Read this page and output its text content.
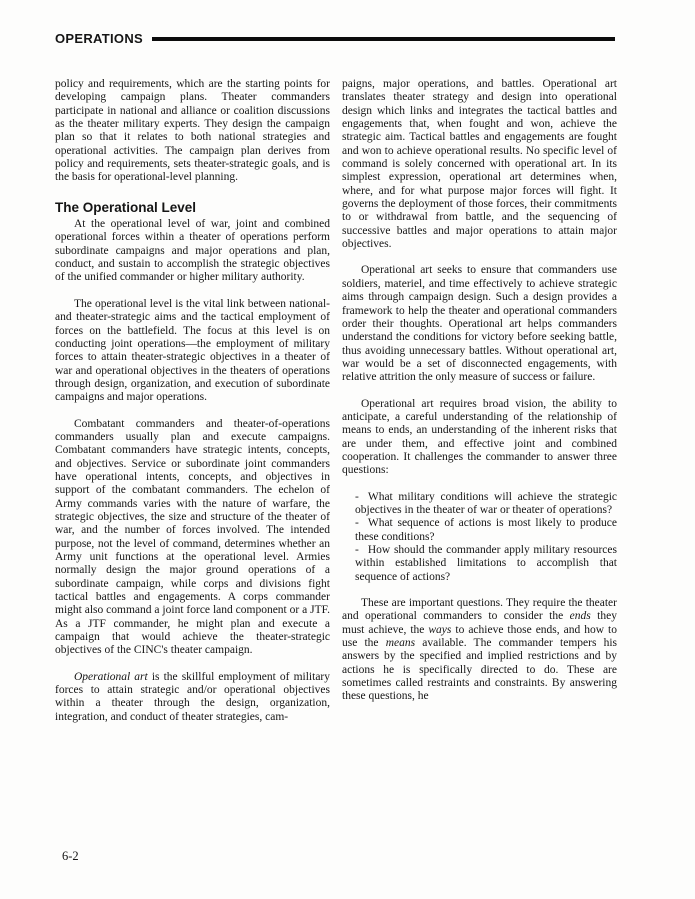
OPERATIONS

policy and requirements, which are the starting points for developing campaign plans. Theater commanders participate in national and alliance or coalition discussions as the theater military experts. They design the campaign plan so that it relates to both national strategies and operational activities. The campaign plan derives from policy and requirements, sets theater-strategic goals, and is the basis for operational-level planning.

The Operational Level

At the operational level of war, joint and combined operational forces within a theater of operations perform subordinate campaigns and major operations and plan, conduct, and sustain to accomplish the strategic objectives of the unified commander or higher military authority.

The operational level is the vital link between national- and theater-strategic aims and the tactical employment of forces on the battlefield. The focus at this level is on conducting joint operations—the employment of military forces to attain theater-strategic objectives in a theater of war and operational objectives in the theaters of operations through design, organization, and execution of subordinate campaigns and major operations.

Combatant commanders and theater-of-operations commanders usually plan and execute campaigns. Combatant commanders have strategic intents, concepts, and objectives. Service or subordinate joint commanders have operational intents, concepts, and objectives in support of the combatant commanders. The echelon of Army commands varies with the nature of warfare, the strategic objectives, the size and structure of the theater of war, and the number of forces involved. The intended purpose, not the level of command, determines whether an Army unit functions at the operational level. Armies normally design the major ground operations of a subordinate campaign, while corps and divisions fight tactical battles and engagements. A corps commander might also command a joint force land component or a JTF. As a JTF commander, he might plan and execute a campaign that would achieve the theater-strategic objectives of the CINC's theater campaign.

Operational art is the skillful employment of military forces to attain strategic and/or operational objectives within a theater through the design, organization, integration, and conduct of theater strategies, cam-

paigns, major operations, and battles. Operational art translates theater strategy and design into operational design which links and integrates the tactical battles and engagements that, when fought and won, achieve the strategic aim. Tactical battles and engagements are fought and won to achieve operational results. No specific level of command is solely concerned with operational art. In its simplest expression, operational art determines when, where, and for what purpose major forces will fight. It governs the deployment of those forces, their commitments to or withdrawal from battle, and the sequencing of successive battles and major operations to attain major objectives.

Operational art seeks to ensure that commanders use soldiers, materiel, and time effectively to achieve strategic aims through campaign design. Such a design provides a framework to help the theater and operational commanders order their thoughts. Operational art helps commanders understand the conditions for victory before seeking battle, thus avoiding unnecessary battles. Without operational art, war would be a set of disconnected engagements, with relative attrition the only measure of success or failure.

Operational art requires broad vision, the ability to anticipate, a careful understanding of the relationship of means to ends, an understanding of the inherent risks that are under them, and effective joint and combined cooperation. It challenges the commander to answer three questions:

- What military conditions will achieve the strategic objectives in the theater of war or theater of operations?
- What sequence of actions is most likely to produce these conditions?
- How should the commander apply military resources within established limitations to accomplish that sequence of actions?

These are important questions. They require the theater and operational commanders to consider the ends they must achieve, the ways to achieve those ends, and how to use the means available. The commander tempers his answers by the specified and implied restrictions and by actions he is specifically directed to do. These are sometimes called restraints and constraints. By answering these questions, he

6-2
